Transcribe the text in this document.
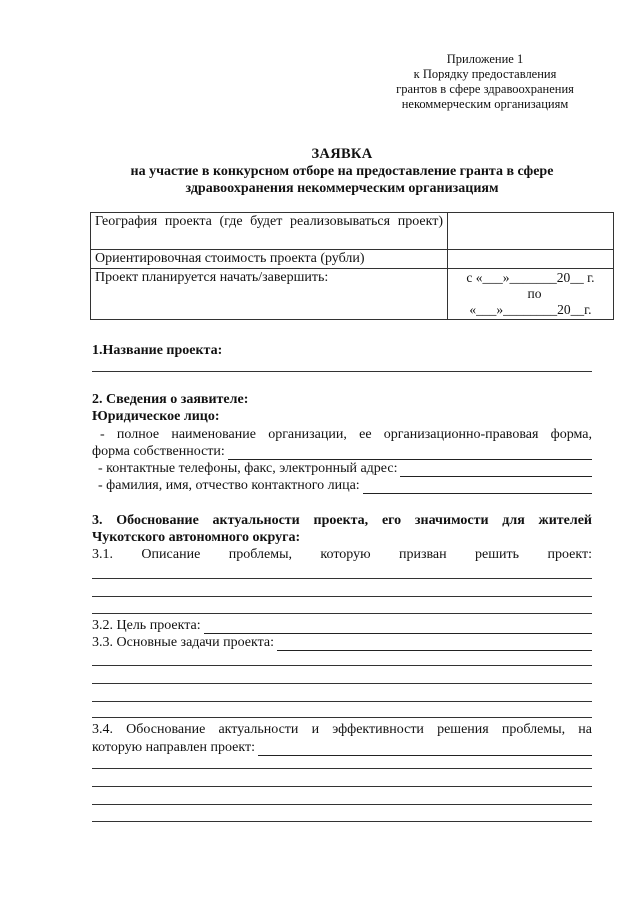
Приложение 1
к Порядку предоставления
грантов в сфере здравоохранения
некоммерческим организациям
ЗАЯВКА
на участие в конкурсном отборе на предоставление гранта в сфере
здравоохранения некоммерческим организациям
География проекта (где будет реализовываться проект)	
Ориентировочная стоимость проекта (рубли)	
Проект планируется начать/завершить:	с «___»_______20__ г.
по
«___»________20__г.
1.Название проекта:
2. Сведения о заявителе:
Юридическое лицо:
- полное наименование организации, ее организационно-правовая форма,
форма собственности:
- контактные телефоны, факс, электронный адрес:
- фамилия, имя, отчество контактного лица:
3. Обоснование актуальности проекта, его значимости для жителей
Чукотского автономного округа:
3.1. Описание проблемы, которую призван решить проект:
3.2. Цель проекта:
3.3. Основные задачи проекта:
3.4. Обоснование актуальности и эффективности решения проблемы, на
которую направлен проект:
